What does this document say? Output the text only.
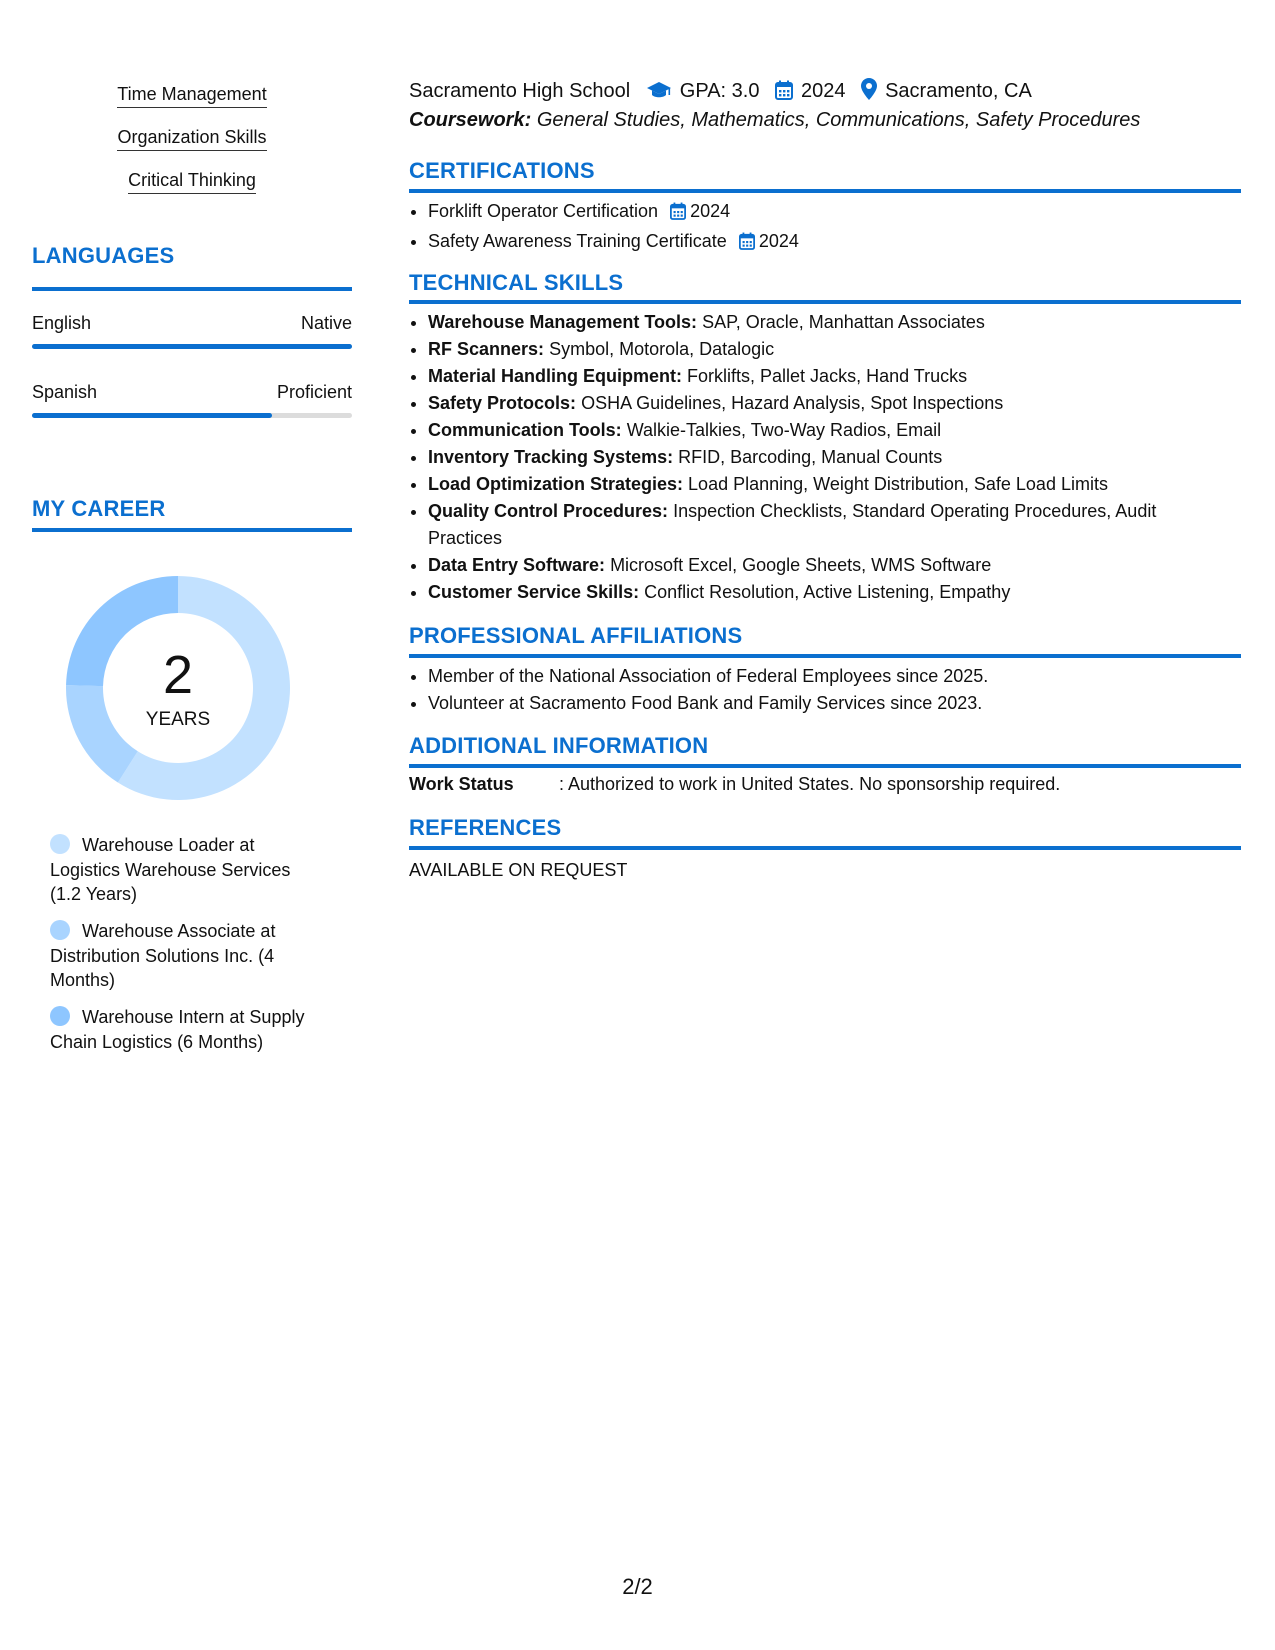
Time Management
Organization Skills
Critical Thinking
LANGUAGES
English	Native
Spanish	Proficient
MY CAREER
2
YEARS
Warehouse Loader at Logistics Warehouse Services (1.2 Years)
Warehouse Associate at Distribution Solutions Inc. (4 Months)
Warehouse Intern at Supply Chain Logistics (6 Months)
Sacramento High School GPA: 3.0 2024 Sacramento, CA
Coursework: General Studies, Mathematics, Communications, Safety Procedures
CERTIFICATIONS
• Forklift Operator Certification 2024
• Safety Awareness Training Certificate 2024
TECHNICAL SKILLS
• Warehouse Management Tools: SAP, Oracle, Manhattan Associates
• RF Scanners: Symbol, Motorola, Datalogic
• Material Handling Equipment: Forklifts, Pallet Jacks, Hand Trucks
• Safety Protocols: OSHA Guidelines, Hazard Analysis, Spot Inspections
• Communication Tools: Walkie-Talkies, Two-Way Radios, Email
• Inventory Tracking Systems: RFID, Barcoding, Manual Counts
• Load Optimization Strategies: Load Planning, Weight Distribution, Safe Load Limits
• Quality Control Procedures: Inspection Checklists, Standard Operating Procedures, Audit Practices
• Data Entry Software: Microsoft Excel, Google Sheets, WMS Software
• Customer Service Skills: Conflict Resolution, Active Listening, Empathy
PROFESSIONAL AFFILIATIONS
• Member of the National Association of Federal Employees since 2025.
• Volunteer at Sacramento Food Bank and Family Services since 2023.
ADDITIONAL INFORMATION
Work Status	: Authorized to work in United States. No sponsorship required.
REFERENCES
AVAILABLE ON REQUEST
2/2
